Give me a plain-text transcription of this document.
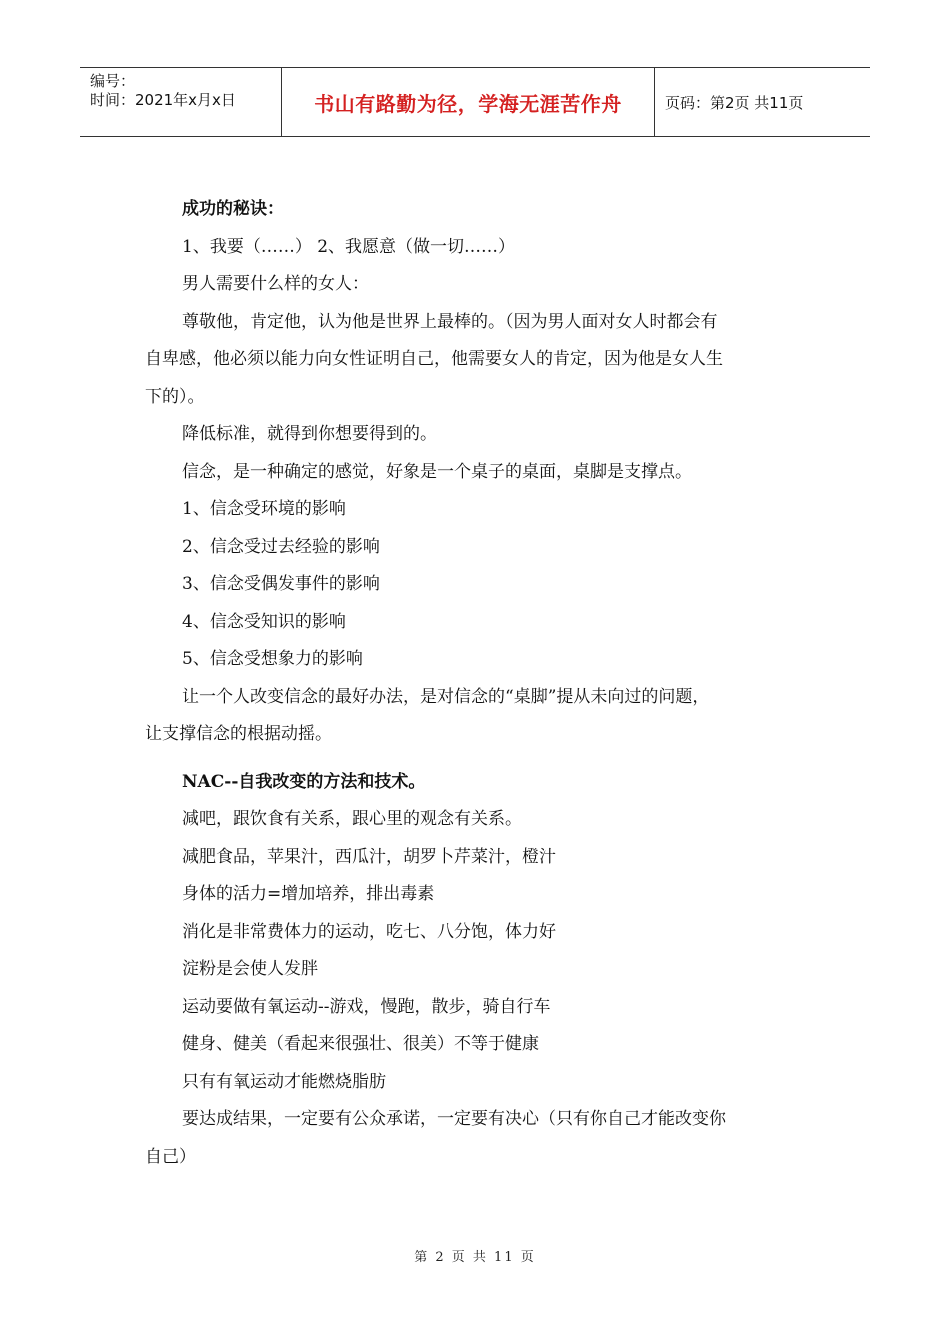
编号：
时间：2021年x月x日	书山有路勤为径，学海无涯苦作舟	页码：第2页 共11页
成功的秘诀：
1、我要（……） 2、我愿意（做一切……）
男人需要什么样的女人：
尊敬他，肯定他，认为他是世界上最棒的。（因为男人面对女人时都会有
自卑感，他必须以能力向女性证明自己，他需要女人的肯定，因为他是女人生
下的）。
降低标准，就得到你想要得到的。
信念，是一种确定的感觉，好象是一个桌子的桌面，桌脚是支撑点。
1、信念受环境的影响
2、信念受过去经验的影响
3、信念受偶发事件的影响
4、信念受知识的影响
5、信念受想象力的影响
让一个人改变信念的最好办法，是对信念的“桌脚”提从未向过的问题，
让支撑信念的根据动摇。
NAC--自我改变的方法和技术。
减吧，跟饮食有关系，跟心里的观念有关系。
减肥食品，苹果汁，西瓜汁，胡罗卜芹菜汁，橙汁
身体的活力=增加培养，排出毒素
消化是非常费体力的运动，吃七、八分饱，体力好
淀粉是会使人发胖
运动要做有氧运动--游戏，慢跑，散步，骑自行车
健身、健美（看起来很强壮、很美）不等于健康
只有有氧运动才能燃烧脂肪
要达成结果，一定要有公众承诺，一定要有决心（只有你自己才能改变你
自己）
第 2 页 共 11 页
